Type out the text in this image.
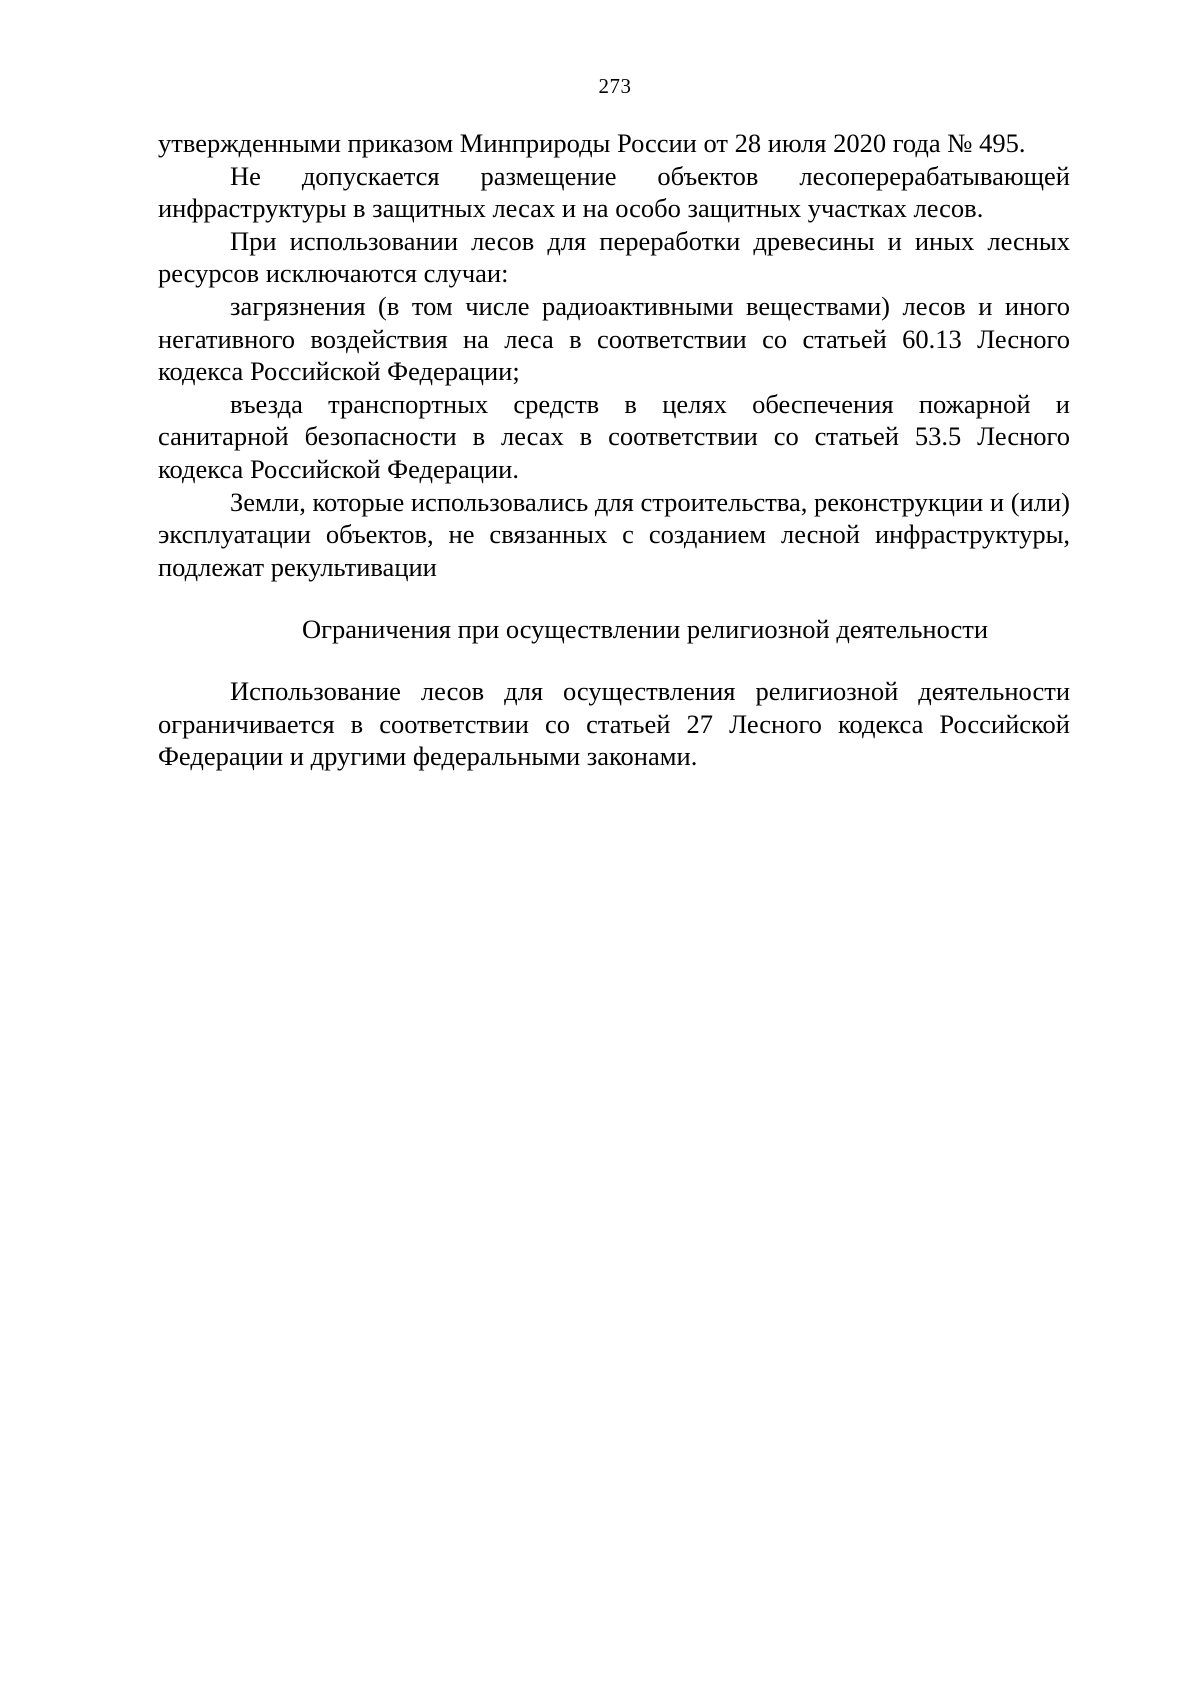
273

утвержденными приказом Минприроды России от 28 июля 2020 года № 495.

Не допускается размещение объектов лесоперерабатывающей инфраструктуры в защитных лесах и на особо защитных участках лесов.

При использовании лесов для переработки древесины и иных лесных ресурсов исключаются случаи:

загрязнения (в том числе радиоактивными веществами) лесов и иного негативного воздействия на леса в соответствии со статьей 60.13 Лесного кодекса Российской Федерации;

въезда транспортных средств в целях обеспечения пожарной и санитарной безопасности в лесах в соответствии со статьей 53.5 Лесного кодекса Российской Федерации.

Земли, которые использовались для строительства, реконструкции и (или) эксплуатации объектов, не связанных с созданием лесной инфраструктуры, подлежат рекультивации

Ограничения при осуществлении религиозной деятельности

Использование лесов для осуществления религиозной деятельности ограничивается в соответствии со статьей 27 Лесного кодекса Российской Федерации и другими федеральными законами.
